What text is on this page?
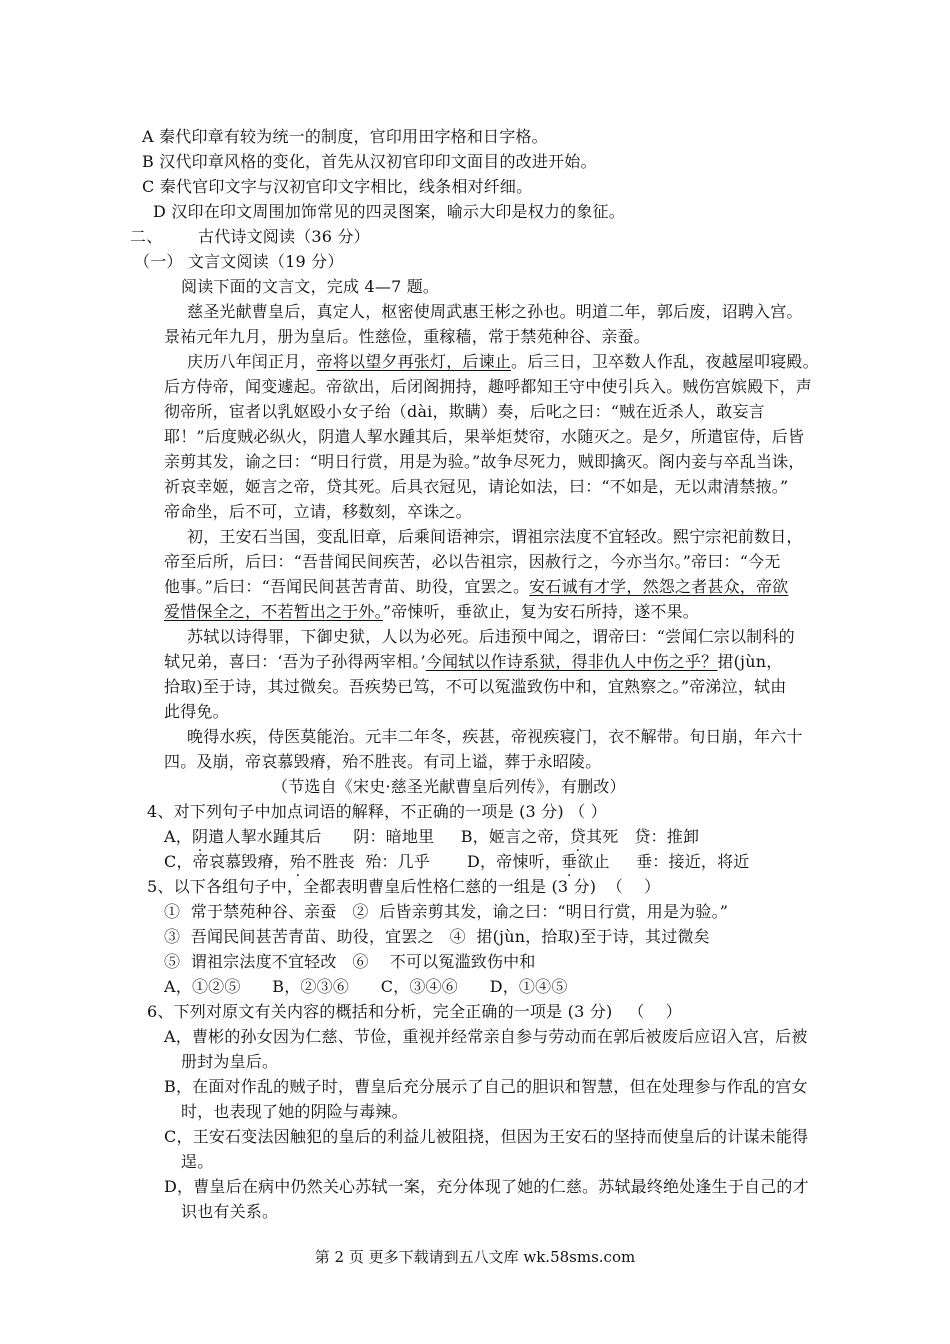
A 秦代印章有较为统一的制度，官印用田字格和日字格。
B 汉代印章风格的变化，首先从汉初官印印文面目的改进开始。
C 秦代官印文字与汉初官印文字相比，线条相对纤细。
D 汉印在印文周围加饰常见的四灵图案，喻示大印是权力的象征。
二、 古代诗文阅读（36 分）
（一） 文言文阅读（19 分）
阅读下面的文言文，完成 4—7 题。
慈圣光献曹皇后，真定人，枢密使周武惠王彬之孙也。明道二年，郭后废，诏聘入宫。
景祐元年九月，册为皇后。性慈俭，重稼穑，常于禁苑种谷、亲蚕。
庆历八年闰正月，帝将以望夕再张灯，后谏止。后三日，卫卒数人作乱，夜越屋叩寝殿。
后方侍帝，闻变遽起。帝欲出，后闭阁拥持，趣呼都知王守中使引兵入。贼伤宫嫔殿下，声
彻帝所，宦者以乳妪殴小女子绐（dài，欺瞒）奏，后叱之曰：“贼在近杀人，敢妄言
耶！”后度贼必纵火，阴遣人挈水踵其后，果举炬焚帘，水随灭之。是夕，所遣宦侍，后皆
亲剪其发，谕之曰：“明日行赏，用是为验。”故争尽死力，贼即擒灭。阁内妾与卒乱当诛，
祈哀幸姬，姬言之帝，贷其死。后具衣冠见，请论如法，曰：“不如是，无以肃清禁掖。”
帝命坐，后不可，立请，移数刻，卒诛之。
初，王安石当国，变乱旧章，后乘间语神宗，谓祖宗法度不宜轻改。熙宁宗祀前数日，
帝至后所，后曰：“吾昔闻民间疾苦，必以告祖宗，因赦行之，今亦当尔。”帝曰：“今无
他事。”后曰：“吾闻民间甚苦青苗、助役，宜罢之。安石诚有才学，然怨之者甚众，帝欲
爱惜保全之，不若暂出之于外。”帝悚听，垂欲止，复为安石所持，遂不果。
苏轼以诗得罪，下御史狱，人以为必死。后违预中闻之，谓帝曰：“尝闻仁宗以制科的
轼兄弟，喜曰：‘吾为子孙得两宰相。’今闻轼以作诗系狱，得非仇人中伤之乎？捃(jùn，
拾取)至于诗，其过微矣。吾疾势已笃，不可以冤滥致伤中和，宜熟察之。”帝涕泣，轼由
此得免。
晚得水疾，侍医莫能治。元丰二年冬，疾甚，帝视疾寝门，衣不解带。旬日崩，年六十
四。及崩，帝哀慕毁瘠，殆不胜丧。有司上谥，葬于永昭陵。
（节选自《宋史·慈圣光献曹皇后列传》，有删改）
4、对下列句子中加点词语的解释，不正确的一项是 (3 分) （ ）
A，阴遣人挈水踵其后      阴：暗地里     B，姬言之帝，贷其死   贷：推卸
C，帝哀慕毁瘠，殆不胜丧  殆：几乎       D，帝悚听，垂欲止     垂：接近，将近
5、以下各组句子中，全都表明曹皇后性格仁慈的一组是 (3 分)  （    ）
①  常于禁苑种谷、亲蚕   ②  后皆亲剪其发，谕之曰：“明日行赏，用是为验。”
③  吾闻民间甚苦青苗、助役，宜罢之   ④  捃(jùn，拾取)至于诗，其过微矣
⑤  谓祖宗法度不宜轻改   ⑥    不可以冤滥致伤中和
A，①②⑤      B，②③⑥      C，③④⑥      D，①④⑤
6、下列对原文有关内容的概括和分析，完全正确的一项是 (3 分)   （    ）
A，曹彬的孙女因为仁慈、节俭，重视并经常亲自参与劳动而在郭后被废后应诏入宫，后被
册封为皇后。
B，在面对作乱的贼子时，曹皇后充分展示了自己的胆识和智慧，但在处理参与作乱的宫女
时，也表现了她的阴险与毒辣。
C，王安石变法因触犯的皇后的利益儿被阻挠，但因为王安石的坚持而使皇后的计谋未能得
逞。
D，曹皇后在病中仍然关心苏轼一案，充分体现了她的仁慈。苏轼最终绝处逢生于自己的才
识也有关系。
第 2 页 更多下载请到五八文库 wk.58sms.com
